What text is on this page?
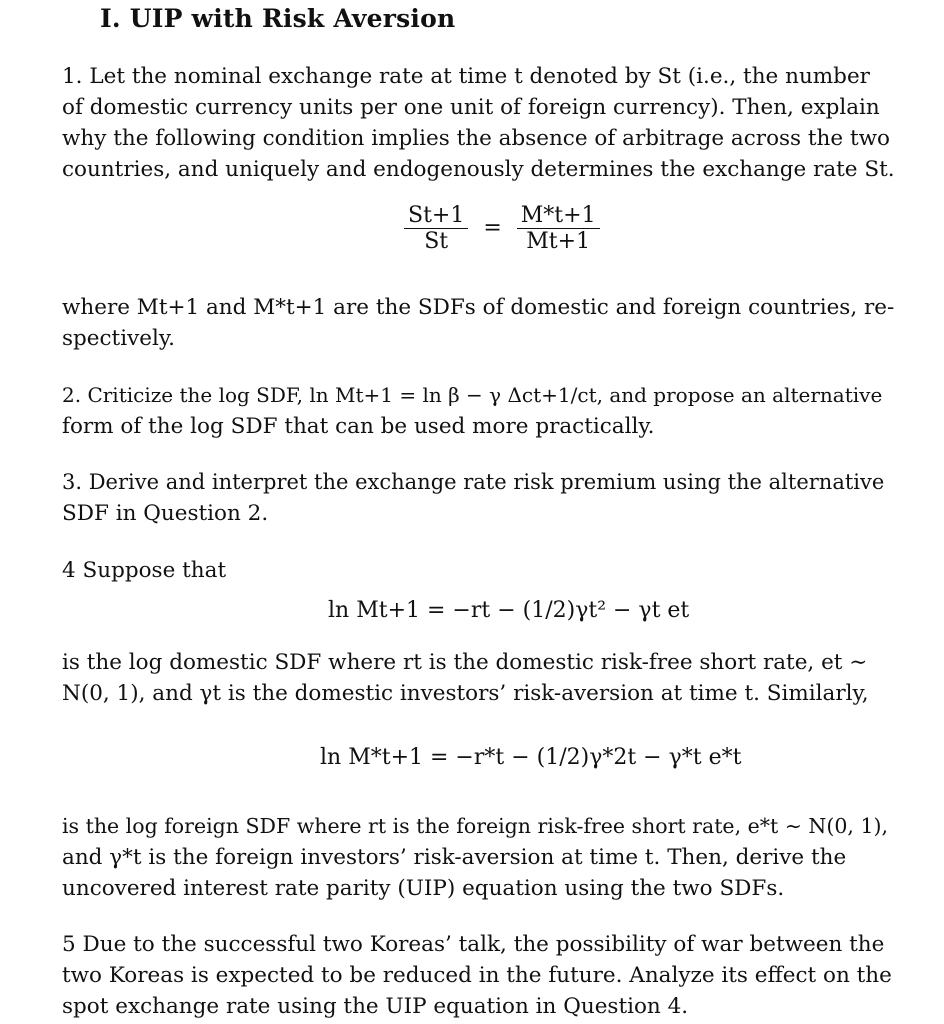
I. UIP with Risk Aversion
1. Let the nominal exchange rate at time t denoted by St (i.e., the number
of domestic currency units per one unit of foreign currency). Then, explain
why the following condition implies the absence of arbitrage across the two
countries, and uniquely and endogenously determines the exchange rate St.
$\frac{St+1}{St} = \frac{M*t+1}{Mt+1}$
where Mt+1 and M*t+1 are the SDFs of domestic and foreign countries, re-
spectively.
2. Criticize the log SDF, ln Mt+1 = ln β − γ Δct+1/ct, and propose an alternative
form of the log SDF that can be used more practically.
3. Derive and interpret the exchange rate risk premium using the alternative
SDF in Question 2.
4 Suppose that
ln Mt+1 = −rt − (1/2)γt² − γt et
is the log domestic SDF where rt is the domestic risk-free short rate, et ∼
N(0, 1), and γt is the domestic investors’ risk-aversion at time t. Similarly,
ln M*t+1 = −r*t − (1/2)γ*2t − γ*t e*t
is the log foreign SDF where rt is the foreign risk-free short rate, e*t ∼ N(0, 1),
and γ*t is the foreign investors’ risk-aversion at time t. Then, derive the
uncovered interest rate parity (UIP) equation using the two SDFs.
5 Due to the successful two Koreas’ talk, the possibility of war between the
two Koreas is expected to be reduced in the future. Analyze its effect on the
spot exchange rate using the UIP equation in Question 4.
